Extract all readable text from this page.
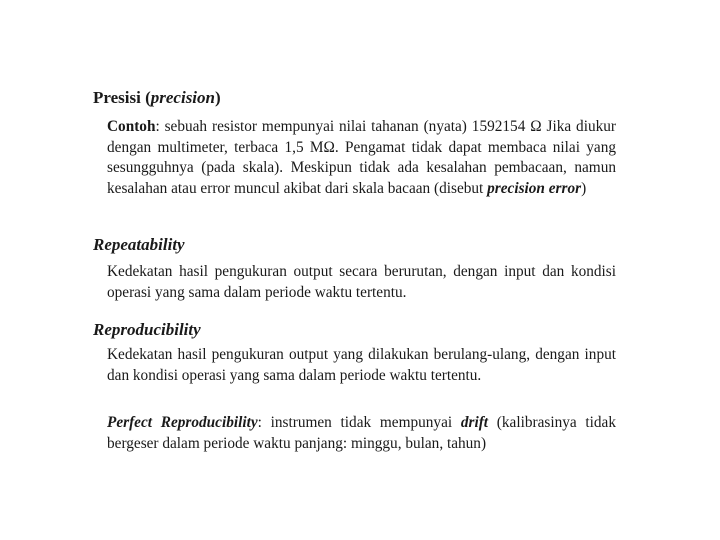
Presisi (precision)

Contoh: sebuah resistor mempunyai nilai tahanan (nyata) 1592154 Ω Jika diukur dengan multimeter, terbaca 1,5 MΩ. Pengamat tidak dapat membaca nilai yang sesungguhnya (pada skala). Meskipun tidak ada kesalahan pembacaan, namun kesalahan atau error muncul akibat dari skala bacaan (disebut precision error)

Repeatability

Kedekatan hasil pengukuran output secara berurutan, dengan input dan kondisi operasi yang sama dalam periode waktu tertentu.

Reproducibility

Kedekatan hasil pengukuran output yang dilakukan berulang-ulang, dengan input dan kondisi operasi yang sama dalam periode waktu tertentu.

Perfect Reproducibility: instrumen tidak mempunyai drift (kalibrasinya tidak bergeser dalam periode waktu panjang: minggu, bulan, tahun)
